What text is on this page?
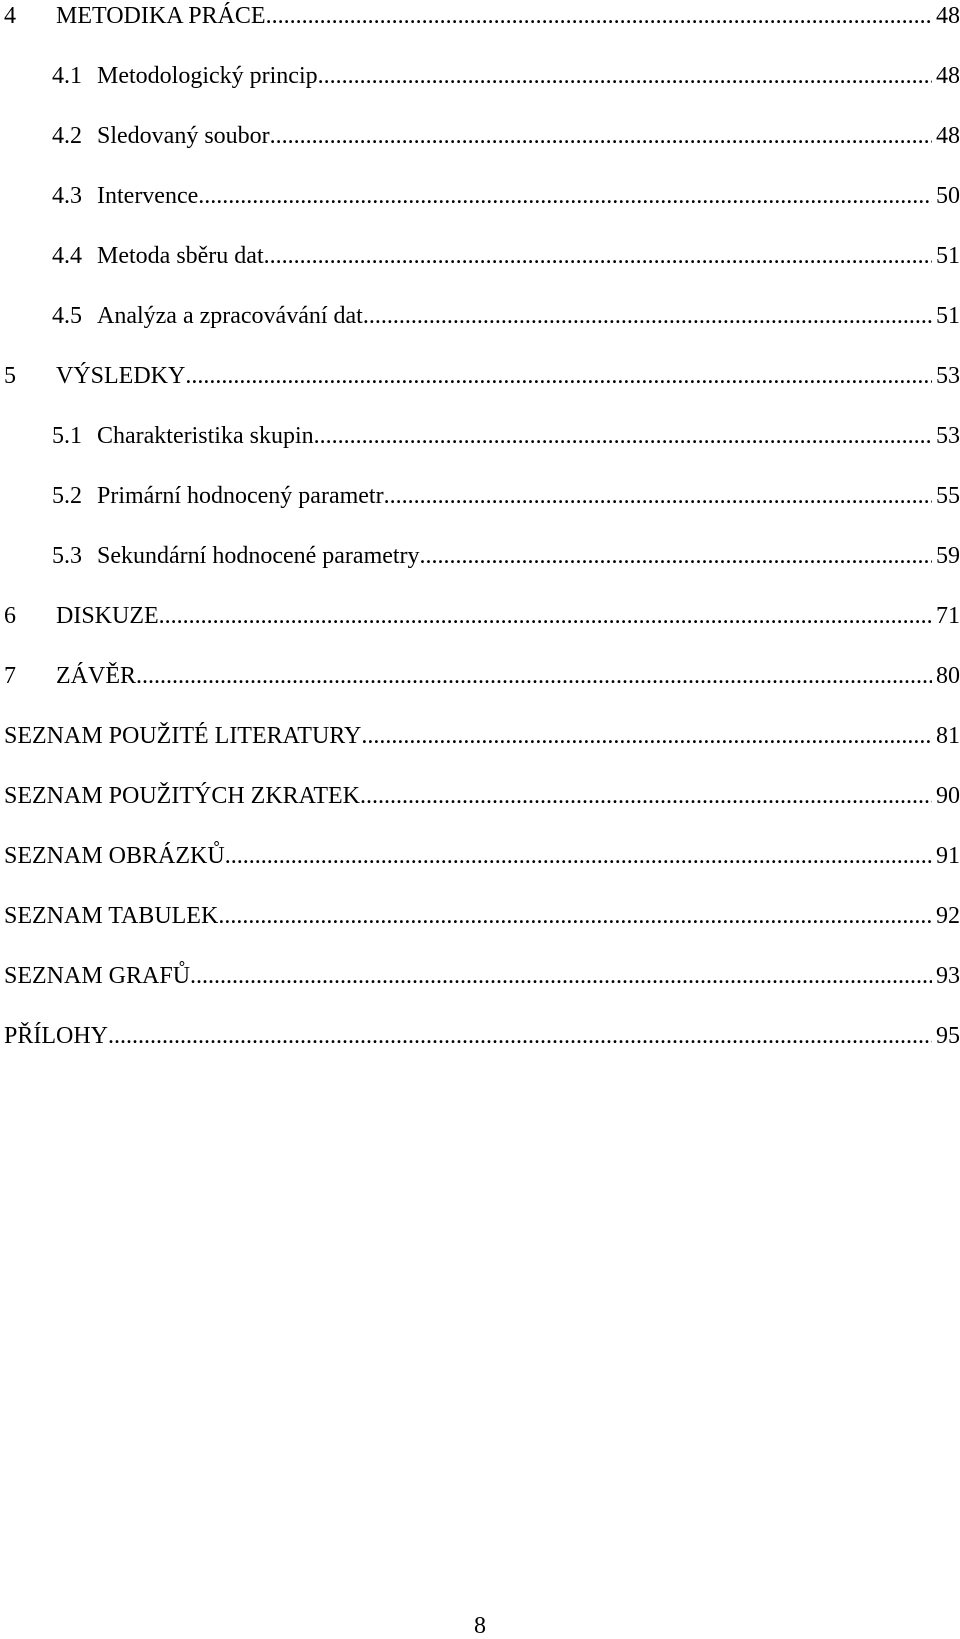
4	METODIKA PRÁCE .....	48
4.1 Metodologický princip .....	48
4.2 Sledovaný soubor .....	48
4.3 Intervence .....	50
4.4 Metoda sběru dat .....	51
4.5 Analýza a zpracovávání dat .....	51
5	VÝSLEDKY .....	53
5.1 Charakteristika skupin .....	53
5.2 Primární hodnocený parametr .....	55
5.3 Sekundární hodnocené parametry .....	59
6	DISKUZE .....	71
7	ZÁVĚR .....	80
SEZNAM POUŽITÉ LITERATURY .....	81
SEZNAM POUŽITÝCH ZKRATEK .....	90
SEZNAM OBRÁZKŮ .....	91
SEZNAM TABULEK .....	92
SEZNAM GRAFŮ .....	93
PŘÍLOHY .....	95
8
